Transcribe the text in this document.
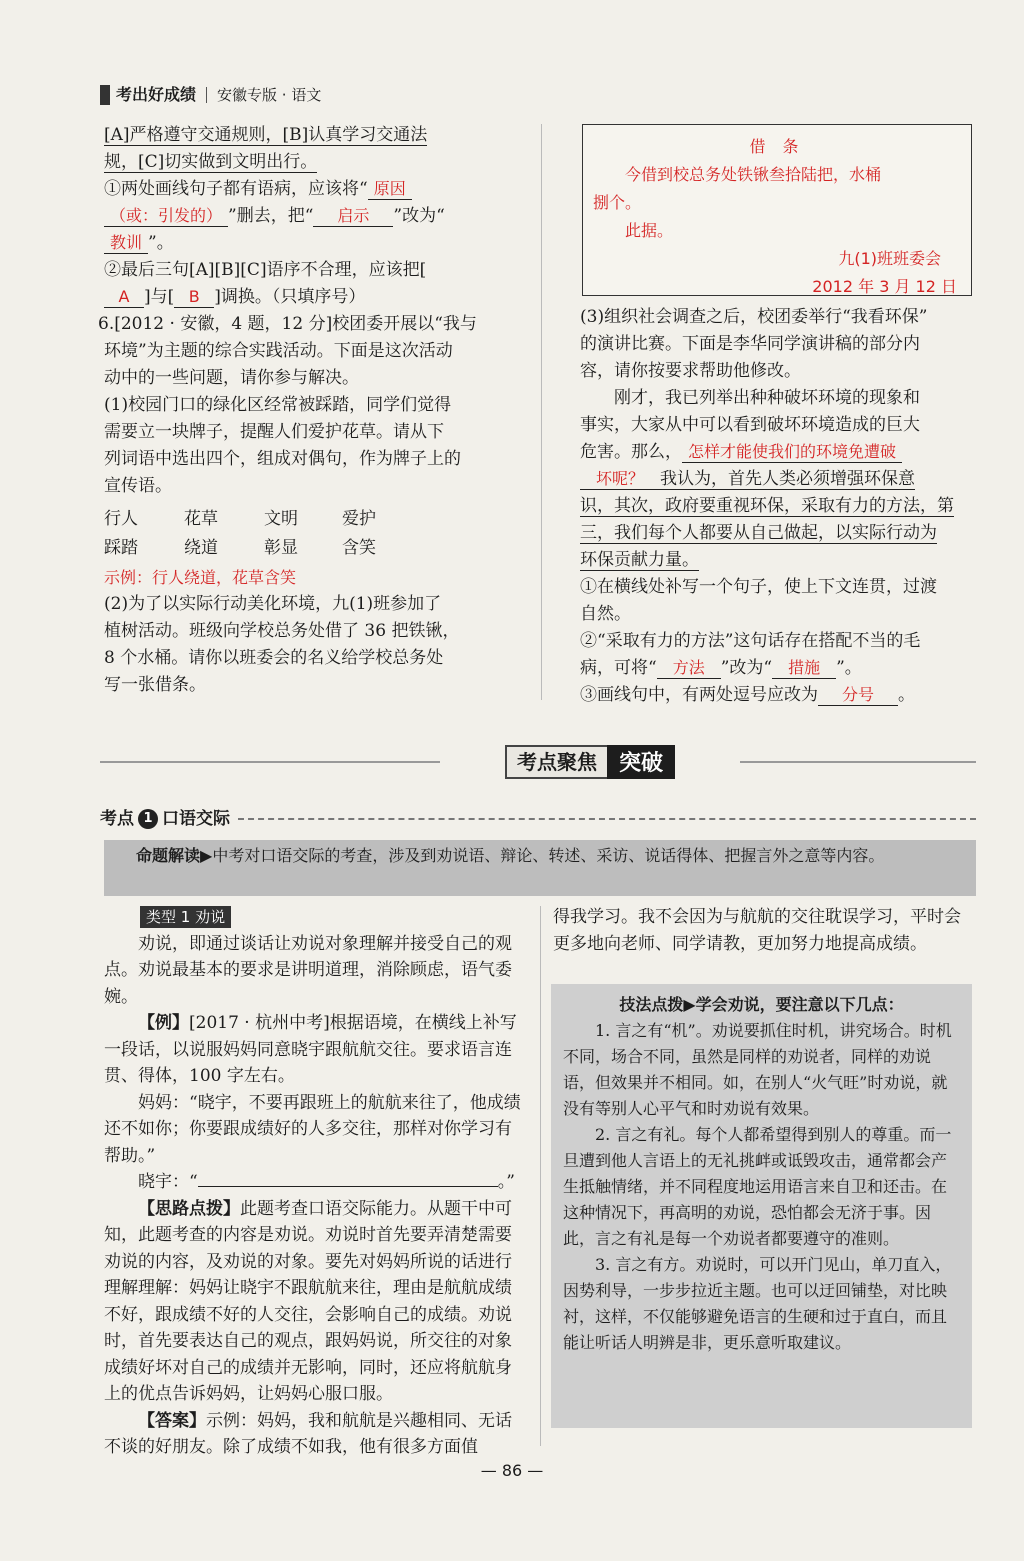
考出好成绩 安徽专版 · 语文

[A]严格遵守交通规则，[B]认真学习交通法

规，[C]切实做到文明出行。

①两处画线句子都有语病，应该将“ 原因

（或：引发的） ”删去，把“ 启示 ”改为“

教训 ”。

②最后三句[A][B][C]语序不合理，应该把[

A ]与[ B ]调换。（只填序号）

6.[2012 · 安徽，4 题，12 分]校团委开展以“我与

环境”为主题的综合实践活动。下面是这次活动

动中的一些问题，请你参与解决。

(1)校园门口的绿化区经常被踩踏，同学们觉得

需要立一块牌子，提醒人们爱护花草。请从下

列词语中选出四个，组成对偶句，作为牌子上的

宣传语。

行人	花草	文明	爱护
踩踏	绕道	彰显	含笑

示例：行人绕道，花草含笑

(2)为了以实际行动美化环境，九(1)班参加了

植树活动。班级向学校总务处借了 36 把铁锹，

8 个水桶。请你以班委会的名义给学校总务处

写一张借条。

借 条
今借到校总务处铁锹叁拾陆把，水桶
捌个。
此据。
九(1)班班委会
2012 年 3 月 12 日

(3)组织社会调查之后，校团委举行“我看环保”

的演讲比赛。下面是李华同学演讲稿的部分内

容，请你按要求帮助他修改。

刚才，我已列举出种种破坏环境的现象和

事实，大家从中可以看到破坏环境造成的巨大

危害。那么， 怎样才能使我们的环境免遭破

坏呢？ 我认为，首先人类必须增强环保意

识，其次，政府要重视环保，采取有力的方法，第

三，我们每个人都要从自己做起，以实际行动为

环保贡献力量。

①在横线处补写一个句子，使上下文连贯，过渡

自然。

②“采取有力的方法”这句话存在搭配不当的毛

病，可将“ 方法 ”改为“ 措施 ”。

③画线句中，有两处逗号应改为 分号 。

考点聚焦	突破
考点 1 口语交际
命题解读▶中考对口语交际的考查，涉及到劝说语、辩论、转述、采访、说话得体、把握言外之意等内容。

类型 1 劝说

劝说，即通过谈话让劝说对象理解并接受自己的观点。劝说最基本的要求是讲明道理，消除顾虑，语气委婉。

【例】[2017 · 杭州中考]根据语境，在横线上补写一段话，以说服妈妈同意晓宇跟航航交往。要求语言连贯、得体，100 字左右。

妈妈：“晓宇，不要再跟班上的航航来往了，他成绩还不如你；你要跟成绩好的人多交往，那样对你学习有帮助。”

晓宇：“	。”

【思路点拨】此题考查口语交际能力。从题干中可知，此题考查的内容是劝说。劝说时首先要弄清楚需要劝说的内容，及劝说的对象。要先对妈妈所说的话进行理解理解：妈妈让晓宇不跟航航来往，理由是航航成绩不好，跟成绩不好的人交往，会影响自己的成绩。劝说时，首先要表达自己的观点，跟妈妈说，所交往的对象成绩好坏对自己的成绩并无影响，同时，还应将航航身上的优点告诉妈妈，让妈妈心服口服。

【答案】示例：妈妈，我和航航是兴趣相同、无话不谈的好朋友。除了成绩不如我，他有很多方面值

得我学习。我不会因为与航航的交往耽误学习，平时会更多地向老师、同学请教，更加努力地提高成绩。

技法点拨▶学会劝说，要注意以下几点：

1. 言之有“机”。劝说要抓住时机，讲究场合。时机不同，场合不同，虽然是同样的劝说者，同样的劝说语，但效果并不相同。如，在别人“火气旺”时劝说，就没有等别人心平气和时劝说有效果。

2. 言之有礼。每个人都希望得到别人的尊重。而一旦遭到他人言语上的无礼挑衅或诋毁攻击，通常都会产生抵触情绪，并不同程度地运用语言来自卫和还击。在这种情况下，再高明的劝说，恐怕都会无济于事。因此，言之有礼是每一个劝说者都要遵守的准则。

3. 言之有方。劝说时，可以开门见山，单刀直入，因势利导，一步步拉近主题。也可以迂回铺垫，对比映衬，这样，不仅能够避免语言的生硬和过于直白，而且能让听话人明辨是非，更乐意听取建议。

— 86 —
